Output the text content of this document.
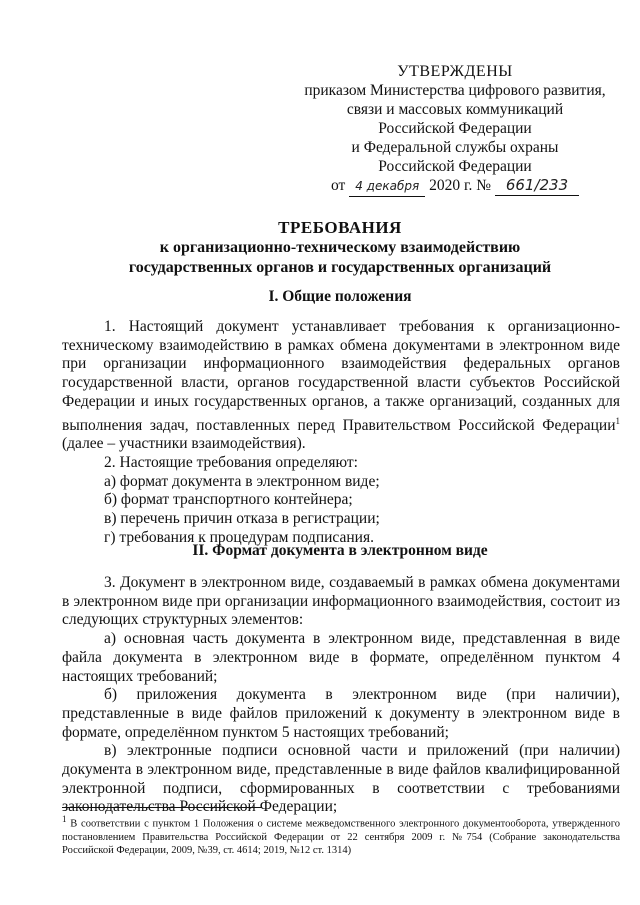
УТВЕРЖДЕНЫ
приказом Министерства цифрового развития,
связи и массовых коммуникаций
Российской Федерации
и Федеральной службы охраны
Российской Федерации
от 4 декабря 2020 г. № 661/233
ТРЕБОВАНИЯ
к организационно-техническому взаимодействию
государственных органов и государственных организаций
I. Общие положения

1. Настоящий документ устанавливает требования к организационно-техническому взаимодействию в рамках обмена документами в электронном виде при организации информационного взаимодействия федеральных органов государственной власти, органов государственной власти субъектов Российской Федерации и иных государственных органов, а также организаций, созданных для выполнения задач, поставленных перед Правительством Российской Федерации$^1$ (далее – участники взаимодействия).

2. Настоящие требования определяют:

а) формат документа в электронном виде;

б) формат транспортного контейнера;

в) перечень причин отказа в регистрации;

г) требования к процедурам подписания.

II. Формат документа в электронном виде

3. Документ в электронном виде, создаваемый в рамках обмена документами в электронном виде при организации информационного взаимодействия, состоит из следующих структурных элементов:

а) основная часть документа в электронном виде, представленная в виде файла документа в электронном виде в формате, определённом пунктом 4 настоящих требований;

б) приложения документа в электронном виде (при наличии), представленные в виде файлов приложений к документу в электронном виде в формате, определённом пунктом 5 настоящих требований;

в) электронные подписи основной части и приложений (при наличии) документа в электронном виде, представленные в виде файлов квалифицированной электронной подписи, сформированных в соответствии с требованиями законодательства Российской Федерации;

$^1$ В соответствии с пунктом 1 Положения о системе межведомственного электронного документооборота, утвержденного постановлением Правительства Российской Федерации от 22 сентября 2009 г. №754 (Собрание законодательства Российской Федерации, 2009, №39, ст. 4614; 2019, №12 ст. 1314)
